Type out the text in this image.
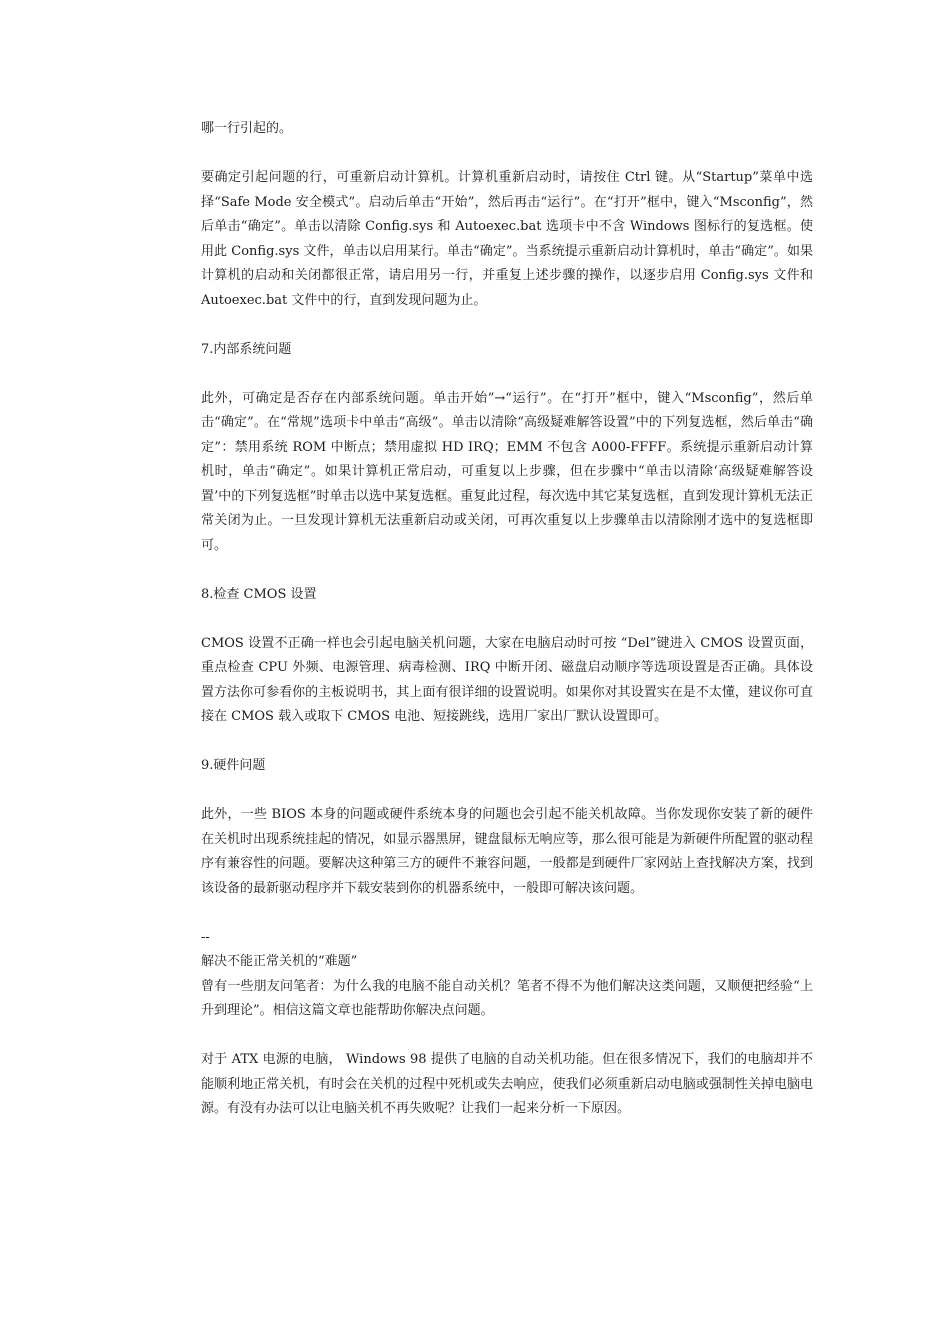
哪一行引起的。

要确定引起问题的行，可重新启动计算机。计算机重新启动时，请按住 Ctrl 键。从“Startup”菜单中选择“Safe Mode 安全模式”。启动后单击“开始”，然后再击“运行”。在“打开”框中，键入“Msconfig”，然后单击“确定”。单击以清除 Config.sys 和 Autoexec.bat 选项卡中不含 Windows 图标行的复选框。使用此 Config.sys 文件，单击以启用某行。单击“确定”。当系统提示重新启动计算机时，单击“确定”。如果计算机的启动和关闭都很正常，请启用另一行，并重复上述步骤的操作，以逐步启用 Config.sys 文件和 Autoexec.bat 文件中的行，直到发现问题为止。

7.内部系统问题

此外，可确定是否存在内部系统问题。单击开始”→“运行”。在“打开”框中，键入“Msconfig”，然后单击“确定”。在“常规”选项卡中单击“高级”。单击以清除“高级疑难解答设置”中的下列复选框，然后单击“确定”：禁用系统 ROM 中断点；禁用虚拟 HD IRQ；EMM 不包含 A000-FFFF。系统提示重新启动计算机时，单击“确定”。如果计算机正常启动，可重复以上步骤，但在步骤中“单击以清除‘高级疑难解答设置’中的下列复选框”时单击以选中某复选框。重复此过程，每次选中其它某复选框，直到发现计算机无法正常关闭为止。一旦发现计算机无法重新启动或关闭，可再次重复以上步骤单击以清除刚才选中的复选框即可。

8.检查 CMOS 设置

CMOS 设置不正确一样也会引起电脑关机问题，大家在电脑启动时可按 “Del”键进入 CMOS 设置页面，重点检查 CPU 外频、电源管理、病毒检测、IRQ 中断开闭、磁盘启动顺序等选项设置是否正确。具体设置方法你可参看你的主板说明书，其上面有很详细的设置说明。如果你对其设置实在是不太懂，建议你可直接在 CMOS 载入或取下 CMOS 电池、短接跳线，选用厂家出厂默认设置即可。

9.硬件问题

此外，一些 BIOS 本身的问题或硬件系统本身的问题也会引起不能关机故障。当你发现你安装了新的硬件在关机时出现系统挂起的情况，如显示器黑屏，键盘鼠标无响应等，那么很可能是为新硬件所配置的驱动程序有兼容性的问题。要解决这种第三方的硬件不兼容问题，一般都是到硬件厂家网站上查找解决方案，找到该设备的最新驱动程序并下载安装到你的机器系统中，一般即可解决该问题。

--

解决不能正常关机的“难题”

曾有一些朋友问笔者：为什么我的电脑不能自动关机？笔者不得不为他们解决这类问题，又顺便把经验“上升到理论”。相信这篇文章也能帮助你解决点问题。

对于 ATX 电源的电脑， Windows 98 提供了电脑的自动关机功能。但在很多情况下，我们的电脑却并不能顺利地正常关机，有时会在关机的过程中死机或失去响应，使我们必须重新启动电脑或强制性关掉电脑电源。有没有办法可以让电脑关机不再失败呢？让我们一起来分析一下原因。
